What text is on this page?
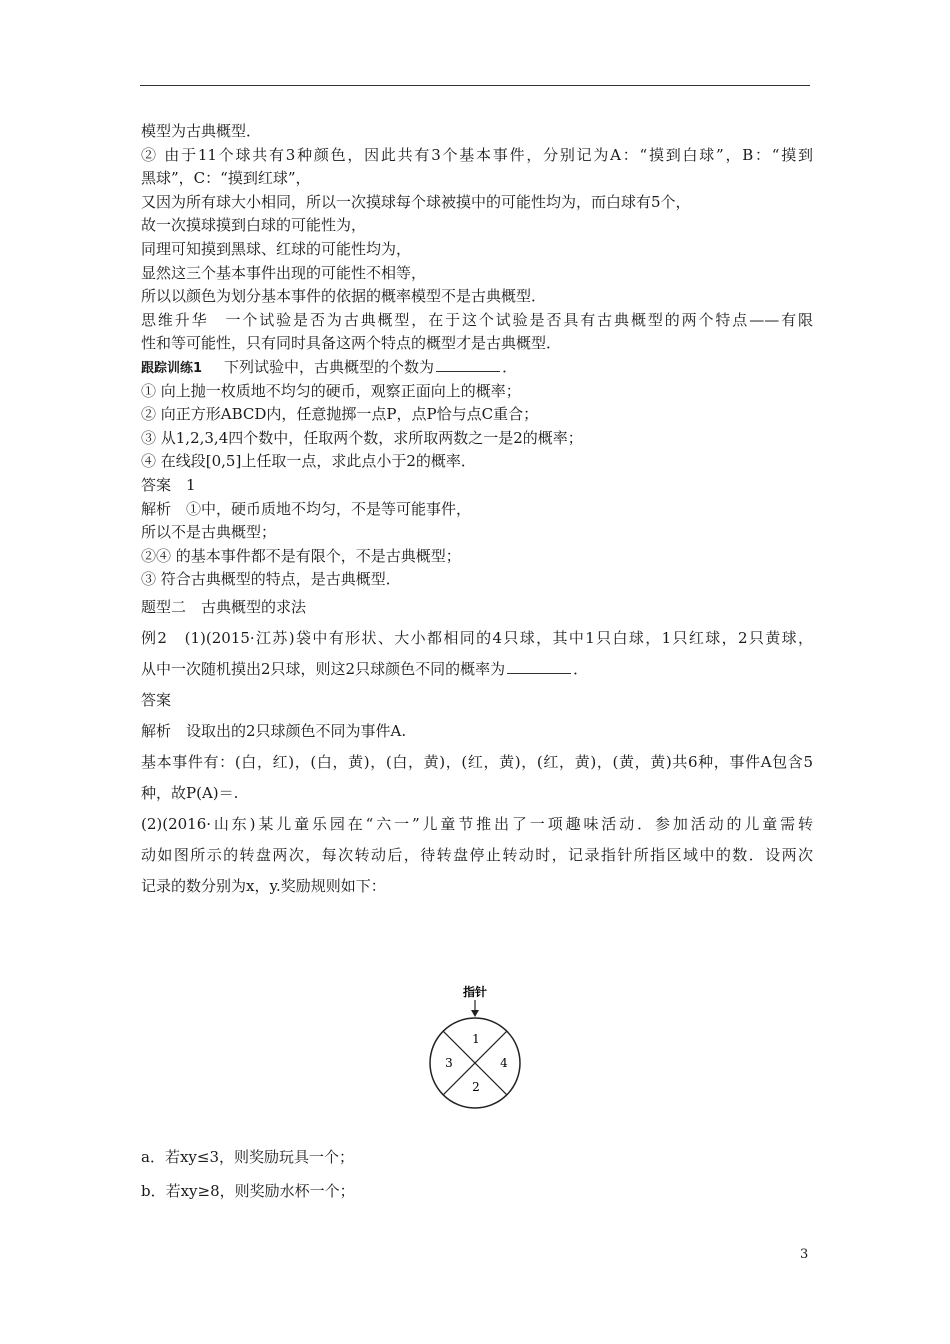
模型为古典概型．
② 由于11个球共有3种颜色，因此共有3个基本事件，分别记为A：“摸到白球”，B：“摸到
黑球”，C：“摸到红球”，
又因为所有球大小相同，所以一次摸球每个球被摸中的可能性均为，而白球有5个，
故一次摸球摸到白球的可能性为，
同理可知摸到黑球、红球的可能性均为，
显然这三个基本事件出现的可能性不相等，
所以以颜色为划分基本事件的依据的概率模型不是古典概型．
思维升华　一个试验是否为古典概型，在于这个试验是否具有古典概型的两个特点——有限
性和等可能性，只有同时具备这两个特点的概型才是古典概型．
跟踪训练1 下列试验中，古典概型的个数为	．
① 向上抛一枚质地不均匀的硬币，观察正面向上的概率；
② 向正方形ABCD内，任意抛掷一点P，点P恰与点C重合；
③ 从1,2,3,4四个数中，任取两个数，求所取两数之一是2的概率；
④ 在线段[0,5]上任取一点，求此点小于2的概率．
答案　1
解析　①中，硬币质地不均匀，不是等可能事件，
所以不是古典概型；
②④ 的基本事件都不是有限个，不是古典概型；
③ 符合古典概型的特点，是古典概型．
题型二　古典概型的求法
例2　(1)(2015·江苏)袋中有形状、大小都相同的4只球，其中1只白球，1只红球，2只黄球，
从中一次随机摸出2只球，则这2只球颜色不同的概率为	．
答案
解析　设取出的2只球颜色不同为事件A.
基本事件有：(白，红)，(白，黄)，(白，黄)，(红，黄)，(红，黄)，(黄，黄)共6种，事件A包含5
种，故P(A)＝.
(2)(2016·山东)某儿童乐园在“六一”儿童节推出了一项趣味活动．参加活动的儿童需转
动如图所示的转盘两次，每次转动后，待转盘停止转动时，记录指针所指区域中的数．设两次
记录的数分别为x，y.奖励规则如下：
指针
1
3	4
2
a．若xy≤3，则奖励玩具一个；
b．若xy≥8，则奖励水杯一个；
3
